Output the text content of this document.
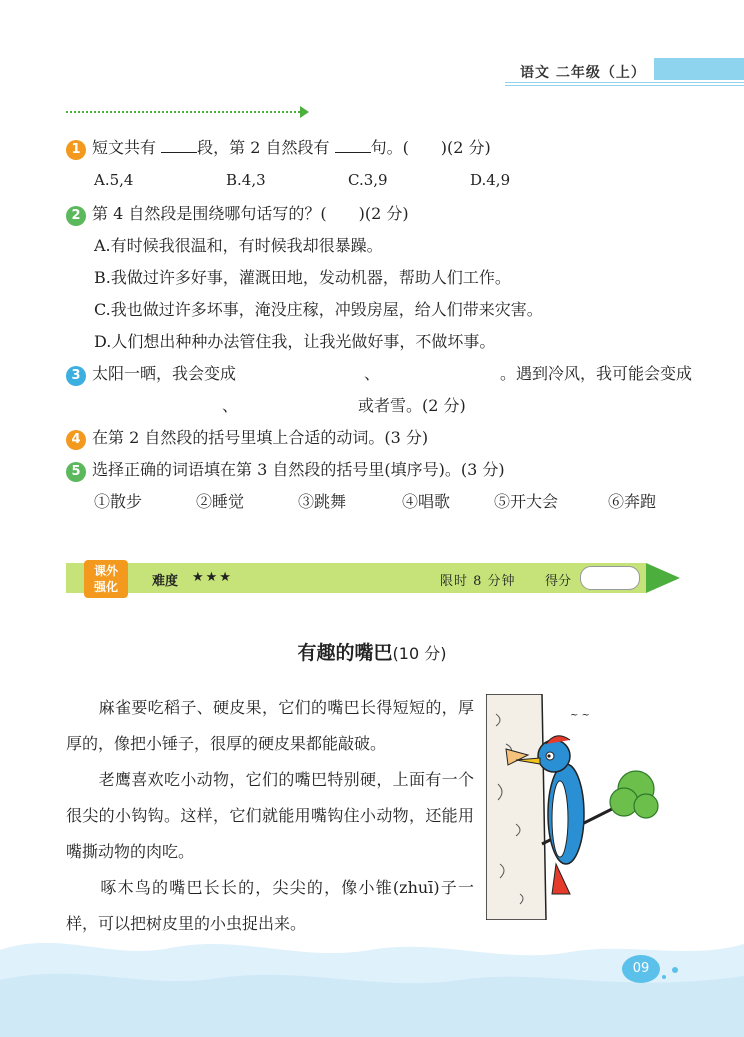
语文 二年级（上）
1 短文共有	段，第 2 自然段有	句。(　　)(2 分)
A.5,4	B.4,3	C.3,9	D.4,9
2 第 4 自然段是围绕哪句话写的？(　　)(2 分)
A.有时候我很温和，有时候我却很暴躁。
B.我做过许多好事，灌溉田地，发动机器，帮助人们工作。
C.我也做过许多坏事，淹没庄稼，冲毁房屋，给人们带来灾害。
D.人们想出种种办法管住我，让我光做好事，不做坏事。
3 太阳一晒，我会变成　　　　　　　　、　　　　　　　　。遇到冷风，我可能会变成
　　　　　　　　、　　　　　　　　或者雪。(2 分)
4 在第 2 自然段的括号里填上合适的动词。(3 分)
5 选择正确的词语填在第 3 自然段的括号里(填序号)。(3 分)
①散步	②睡觉	③跳舞	④唱歌	⑤开大会	⑥奔跑
课外
强化	难度 ★★★	限时 8 分钟 得分
有趣的嘴巴(10 分)
　　麻雀要吃稻子、硬皮果，它们的嘴巴长得短短的，厚厚的，像把小锤子，很厚的硬皮果都能敲破。
　　老鹰喜欢吃小动物，它们的嘴巴特别硬，上面有一个很尖的小钩钩。这样，它们就能用嘴钩住小动物，还能用嘴撕动物的肉吃。
　　啄木鸟的嘴巴长长的，尖尖的，像小锥(zhuī)子一样，可以把树皮里的小虫捉出来。
~ ~
09
